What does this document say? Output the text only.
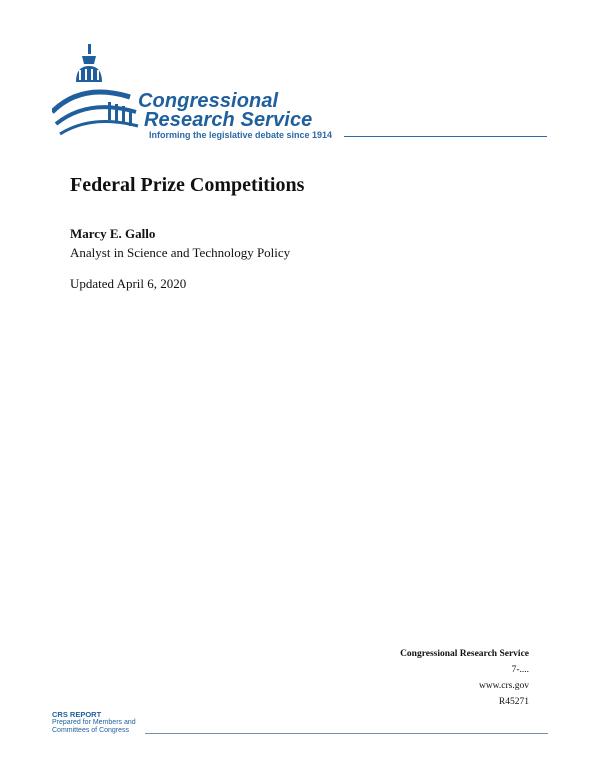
Congressional
Research Service
Informing the legislative debate since 1914
Federal Prize Competitions
Marcy E. Gallo
Analyst in Science and Technology Policy
Updated April 6, 2020
Congressional Research Service
7-....
www.crs.gov
R45271
CRS REPORT
Prepared for Members and
Committees of Congress
